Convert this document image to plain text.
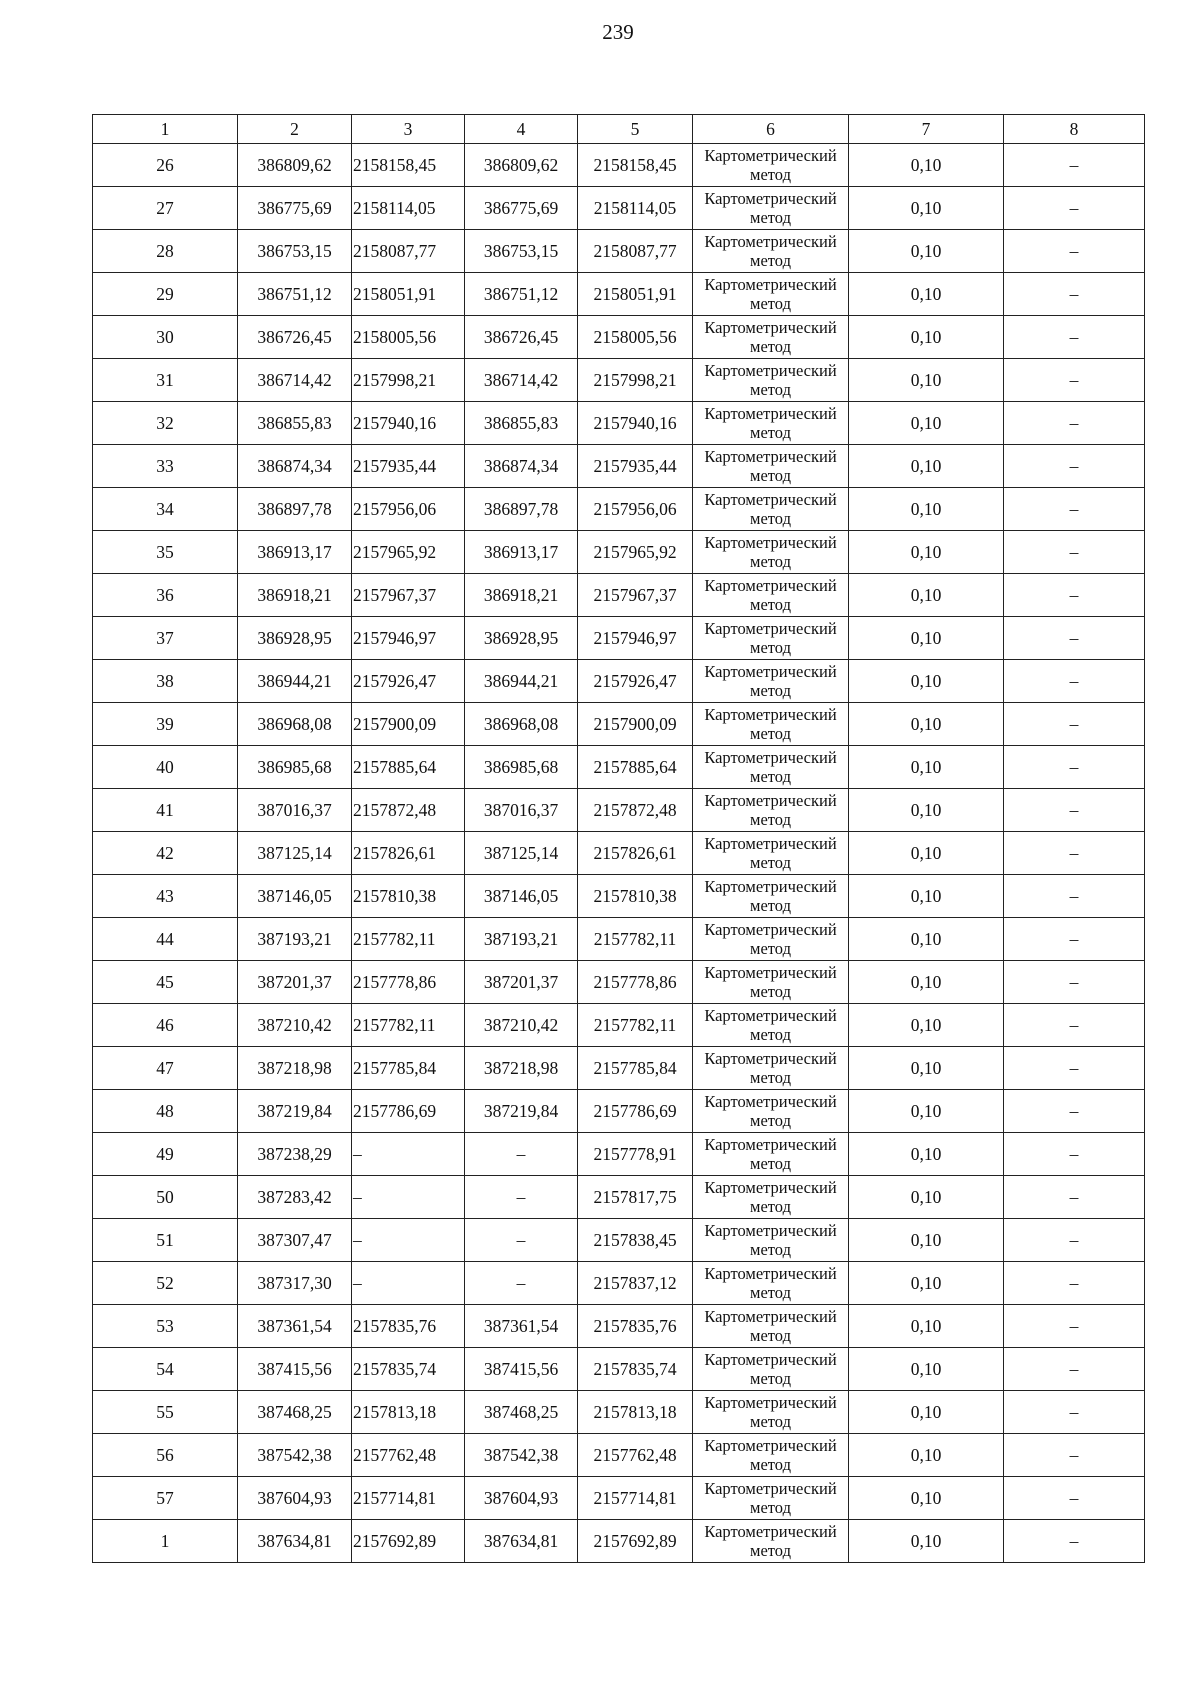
239
1	2	3	4	5	6	7	8
26	386809,62	2158158,45	386809,62	2158158,45	Картометрический метод	0,10	–
27	386775,69	2158114,05	386775,69	2158114,05	Картометрический метод	0,10	–
28	386753,15	2158087,77	386753,15	2158087,77	Картометрический метод	0,10	–
29	386751,12	2158051,91	386751,12	2158051,91	Картометрический метод	0,10	–
30	386726,45	2158005,56	386726,45	2158005,56	Картометрический метод	0,10	–
31	386714,42	2157998,21	386714,42	2157998,21	Картометрический метод	0,10	–
32	386855,83	2157940,16	386855,83	2157940,16	Картометрический метод	0,10	–
33	386874,34	2157935,44	386874,34	2157935,44	Картометрический метод	0,10	–
34	386897,78	2157956,06	386897,78	2157956,06	Картометрический метод	0,10	–
35	386913,17	2157965,92	386913,17	2157965,92	Картометрический метод	0,10	–
36	386918,21	2157967,37	386918,21	2157967,37	Картометрический метод	0,10	–
37	386928,95	2157946,97	386928,95	2157946,97	Картометрический метод	0,10	–
38	386944,21	2157926,47	386944,21	2157926,47	Картометрический метод	0,10	–
39	386968,08	2157900,09	386968,08	2157900,09	Картометрический метод	0,10	–
40	386985,68	2157885,64	386985,68	2157885,64	Картометрический метод	0,10	–
41	387016,37	2157872,48	387016,37	2157872,48	Картометрический метод	0,10	–
42	387125,14	2157826,61	387125,14	2157826,61	Картометрический метод	0,10	–
43	387146,05	2157810,38	387146,05	2157810,38	Картометрический метод	0,10	–
44	387193,21	2157782,11	387193,21	2157782,11	Картометрический метод	0,10	–
45	387201,37	2157778,86	387201,37	2157778,86	Картометрический метод	0,10	–
46	387210,42	2157782,11	387210,42	2157782,11	Картометрический метод	0,10	–
47	387218,98	2157785,84	387218,98	2157785,84	Картометрический метод	0,10	–
48	387219,84	2157786,69	387219,84	2157786,69	Картометрический метод	0,10	–
49	387238,29	–	–	2157778,91	Картометрический метод	0,10	–
50	387283,42	–	–	2157817,75	Картометрический метод	0,10	–
51	387307,47	–	–	2157838,45	Картометрический метод	0,10	–
52	387317,30	–	–	2157837,12	Картометрический метод	0,10	–
53	387361,54	2157835,76	387361,54	2157835,76	Картометрический метод	0,10	–
54	387415,56	2157835,74	387415,56	2157835,74	Картометрический метод	0,10	–
55	387468,25	2157813,18	387468,25	2157813,18	Картометрический метод	0,10	–
56	387542,38	2157762,48	387542,38	2157762,48	Картометрический метод	0,10	–
57	387604,93	2157714,81	387604,93	2157714,81	Картометрический метод	0,10	–
1	387634,81	2157692,89	387634,81	2157692,89	Картометрический метод	0,10	–
